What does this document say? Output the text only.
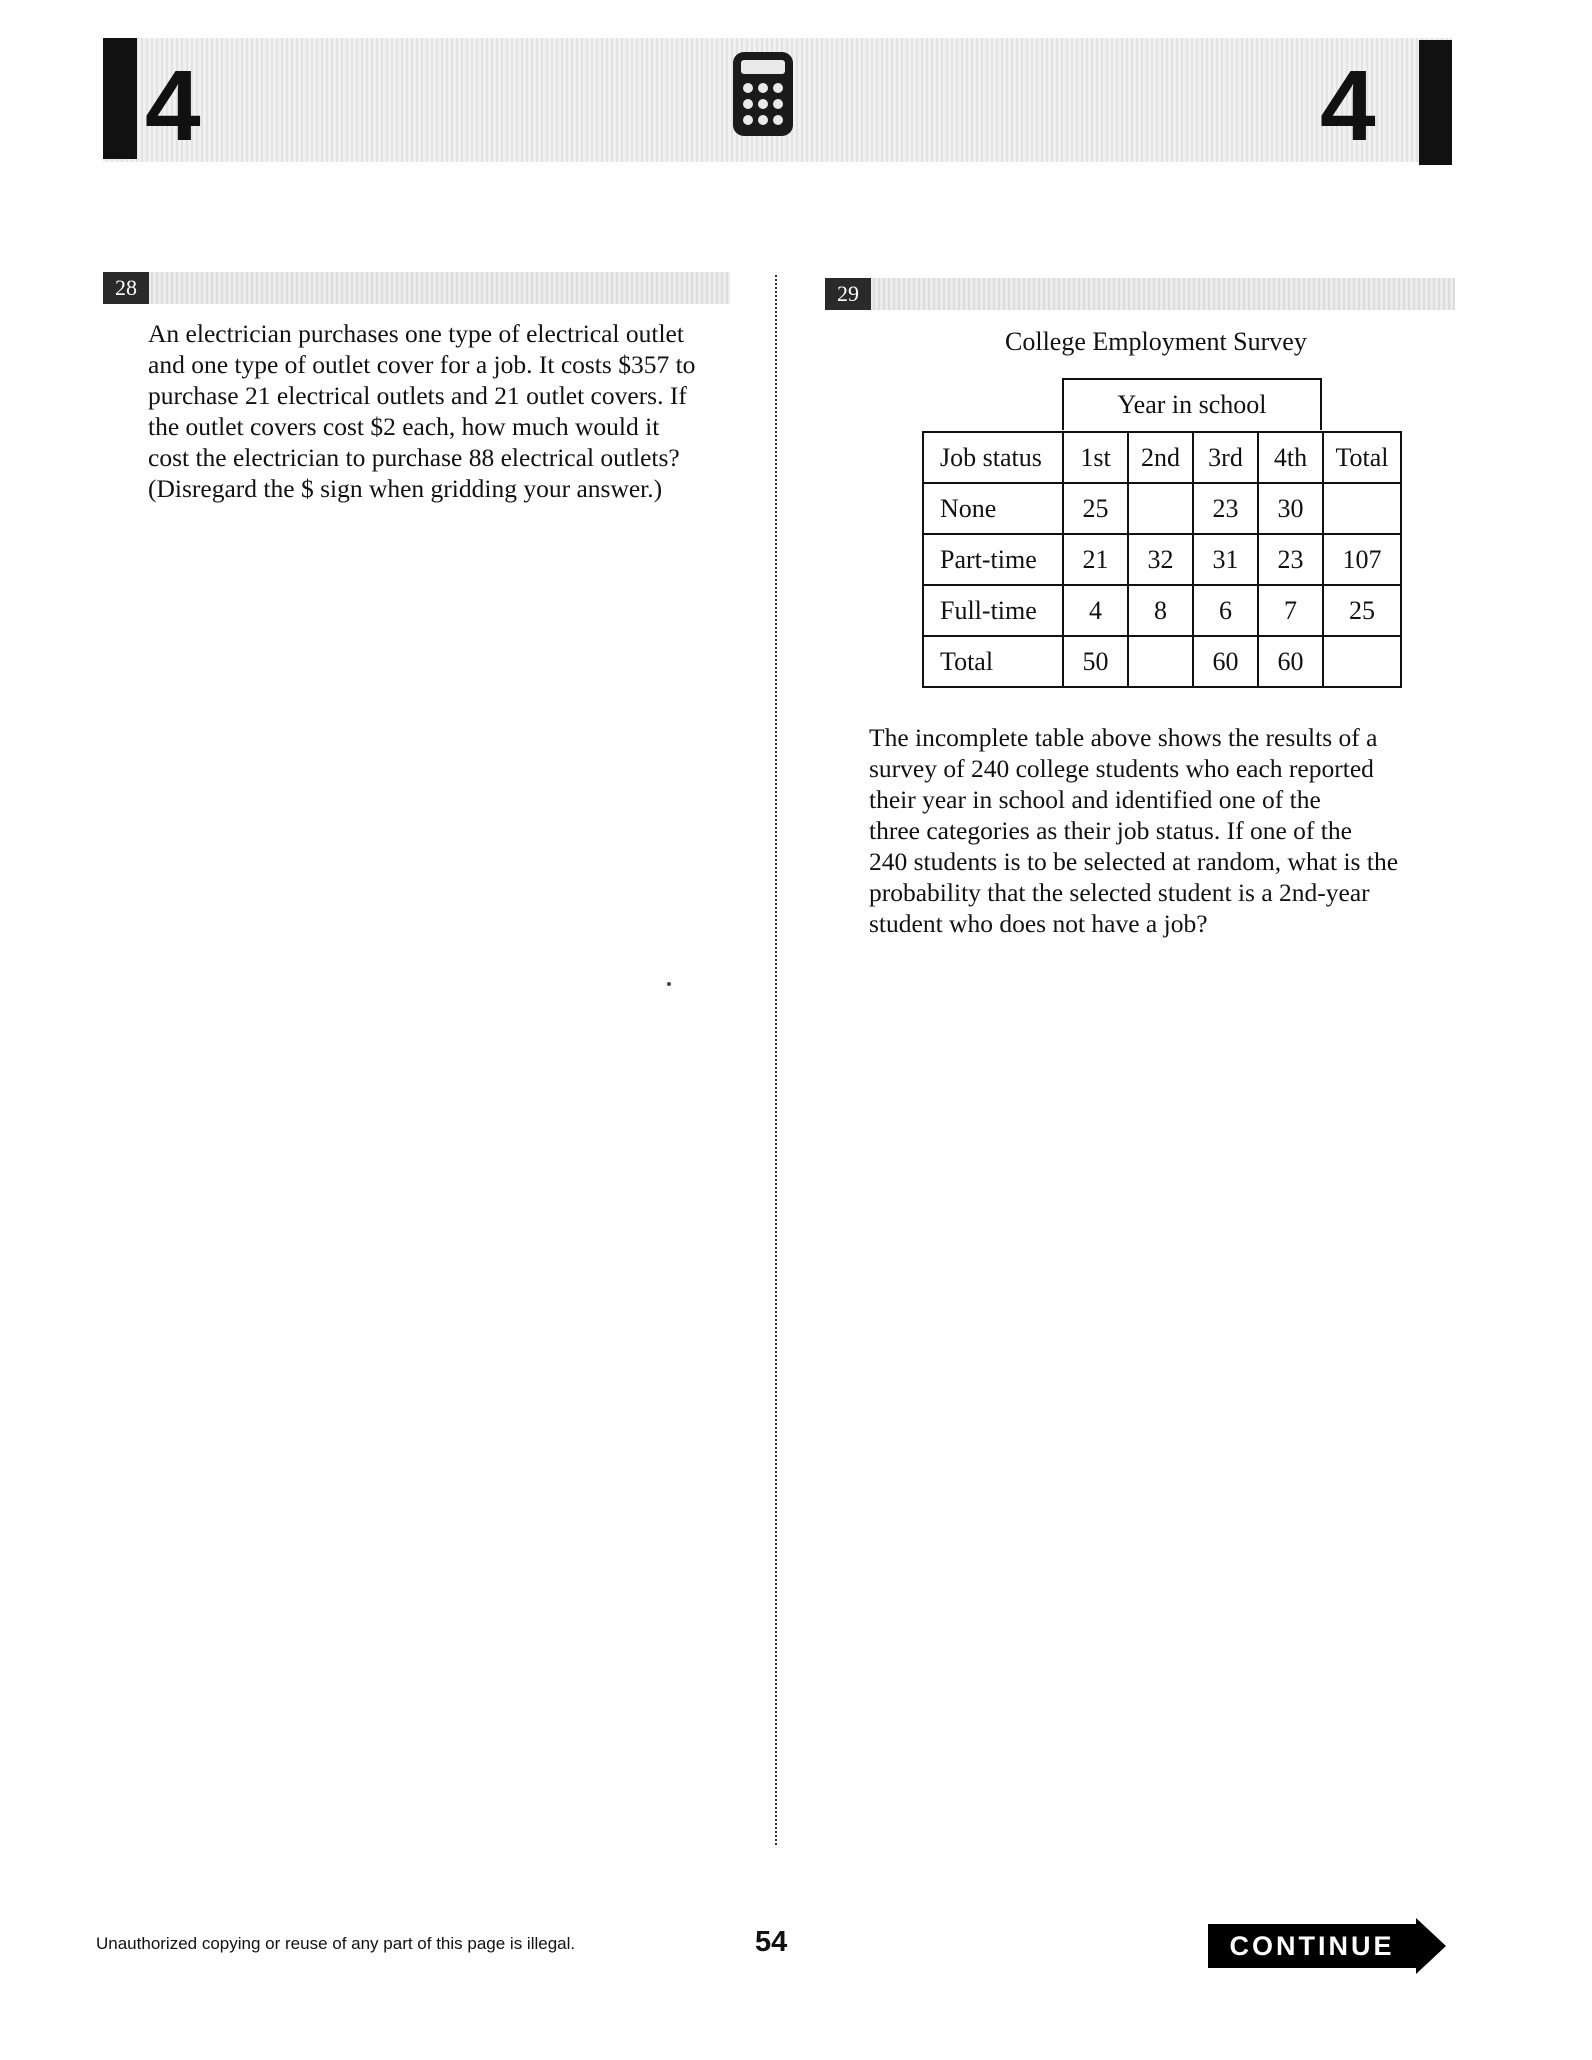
4	4
28

An electrician purchases one type of electrical outlet
and one type of outlet cover for a job. It costs $357 to
purchase 21 electrical outlets and 21 outlet covers. If
the outlet covers cost $2 each, how much would it
cost the electrician to purchase 88 electrical outlets?
(Disregard the $ sign when gridding your answer.)

29
College Employment Survey
Year in school
Job status	1st	2nd	3rd	4th	Total
None	25		23	30	
Part-time	21	32	31	23	107
Full-time	4	8	6	7	25
Total	50		60	60	

The incomplete table above shows the results of a
survey of 240 college students who each reported
their year in school and identified one of the
three categories as their job status. If one of the
240 students is to be selected at random, what is the
probability that the selected student is a 2nd-year
student who does not have a job?

Unauthorized copying or reuse of any part of this page is illegal.	54	CONTINUE
